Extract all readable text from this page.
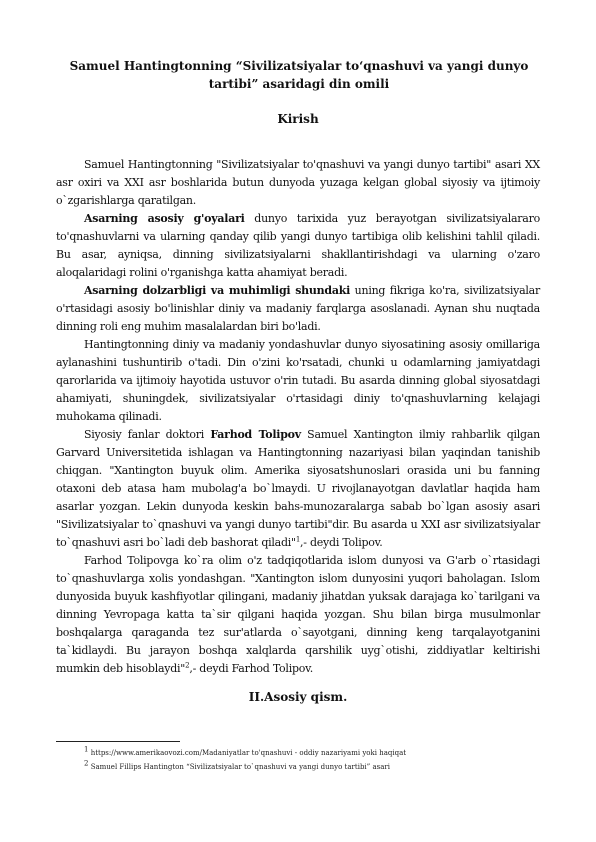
Samuel Hantingtonning “Sivilizatsiyalar to‘qnashuvi va yangi dunyo
tartibi” asaridagi din omili
Kirish

Samuel Hantingtonning "Sivilizatsiyalar to'qnashuvi va yangi dunyo tartibi" asari XX asr oxiri va XXI asr boshlarida butun dunyoda yuzaga kelgan global siyosiy va ijtimoiy o`zgarishlarga qaratilgan.

Asarning asosiy g'oyalari dunyo tarixida yuz berayotgan sivilizatsiyalararo to'qnashuvlarni va ularning qanday qilib yangi dunyo tartibiga olib kelishini tahlil qiladi. Bu asar, ayniqsa, dinning sivilizatsiyalarni shakllantirishdagi va ularning o'zaro aloqalaridagi rolini o'rganishga katta ahamiyat beradi.

Asarning dolzarbligi va muhimligi shundaki uning fikriga ko'ra, sivilizatsiyalar o'rtasidagi asosiy bo'linishlar diniy va madaniy farqlarga asoslanadi. Aynan shu nuqtada dinning roli eng muhim masalalardan biri bo'ladi.

Hantingtonning diniy va madaniy yondashuvlar dunyo siyosatining asosiy omillariga aylanashini tushuntirib o'tadi. Din o'zini ko'rsatadi, chunki u odamlarning jamiyatdagi qarorlarida va ijtimoiy hayotida ustuvor o'rin tutadi. Bu asarda dinning global siyosatdagi ahamiyati, shuningdek, sivilizatsiyalar o'rtasidagi diniy to'qnashuvlarning kelajagi muhokama qilinadi.

Siyosiy fanlar doktori Farhod Tolipov Samuel Xantington ilmiy rahbarlik qilgan Garvard Universitetida ishlagan va Hantingtonning nazariyasi bilan yaqindan tanishib chiqgan. "Xantington buyuk olim. Amerika siyosatshunoslari orasida uni bu fanning otaxoni deb atasa ham mubolag'a bo`lmaydi. U rivojlanayotgan davlatlar haqida ham asarlar yozgan. Lekin dunyoda keskin bahs-munozaralarga sabab bo`lgan asosiy asari "Sivilizatsiyalar to`qnashuvi va yangi dunyo tartibi"dir. Bu asarda u XXI asr sivilizatsiyalar to`qnashuvi asri bo`ladi deb bashorat qiladi"$^1$,- deydi Tolipov.

Farhod Tolipovga ko`ra olim o'z tadqiqotlarida islom dunyosi va G'arb o`rtasidagi to`qnashuvlarga xolis yondashgan. "Xantington islom dunyosini yuqori baholagan. Islom dunyosida buyuk kashfiyotlar qilingani, madaniy jihatdan yuksak darajaga ko`tarilgani va dinning Yevropaga katta ta`sir qilgani haqida yozgan. Shu bilan birga musulmonlar boshqalarga qaraganda tez sur'atlarda o`sayotgani, dinning keng tarqalayotganini ta`kidlaydi. Bu jarayon boshqa xalqlarda qarshilik uyg`otishi, ziddiyatlar keltirishi mumkin deb hisoblaydi"$^2$,- deydi Farhod Tolipov.

II.Asosiy qism.
$^1$ https://www.amerikaovozi.com/Madaniyatlar to'qnashuvi - oddiy nazariyami yoki haqiqat
$^2$ Samuel Fillips Hantington “Sivilizatsiyalar to`qnashuvi va yangi dunyo tartibi” asari
